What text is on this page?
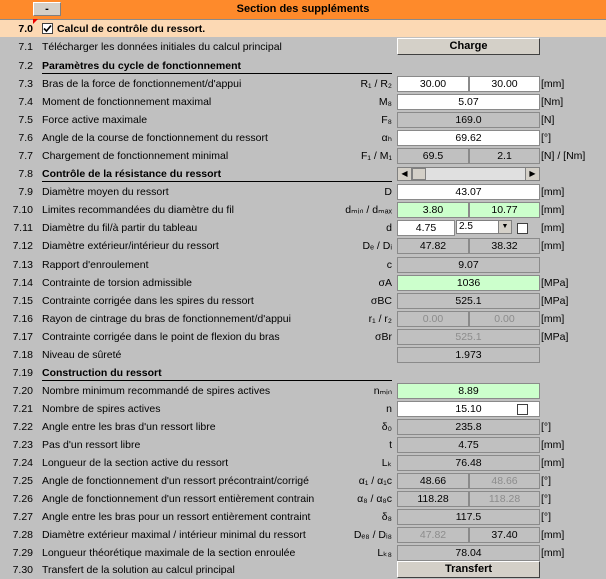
Section des suppléments
-
7.0 Calcul de contrôle du ressort.
7.1 Télécharger les données initiales du calcul principal	Charge
7.2 Paramètres du cycle de fonctionnement
7.3 Bras de la force de fonctionnement/d'appui	R₁ / R₂	30.00	30.00	[mm]
7.4 Moment de fonctionnement maximal	M₈	5.07	[Nm]
7.5 Force active maximale	F₈	169.0	[N]
7.6 Angle de la course de fonctionnement du ressort	αₕ	69.62	[°]
7.7 Chargement de fonctionnement minimal	F₁ / M₁	69.5	2.1	[N] / [Nm]
7.8 Contrôle de la résistance du ressort	◀	▶
7.9 Diamètre moyen du ressort	D	43.07	[mm]
7.10 Limites recommandées du diamètre du fil	dₘᵢₙ / dₘₐₓ	3.80	10.77	[mm]
7.11 Diamètre du fil/à partir du tableau	d	4.75	2.5	▼	[mm]
7.12 Diamètre extérieur/intérieur du ressort	Dₑ / Dᵢ	47.82	38.32	[mm]
7.13 Rapport d'enroulement	c	9.07
7.14 Contrainte de torsion admissible	σA	1036	[MPa]
7.15 Contrainte corrigée dans les spires du ressort	σBC	525.1	[MPa]
7.16 Rayon de cintrage du bras de fonctionnement/d'appui	r₁ / r₂	0.00	0.00	[mm]
7.17 Contrainte corrigée dans le point de flexion du bras	σBr	525.1	[MPa]
7.18 Niveau de sûreté	1.973
7.19 Construction du ressort
7.20 Nombre minimum recommandé de spires actives	nₘᵢₙ	8.89
7.21 Nombre de spires actives	n	15.10
7.22 Angle entre les bras d'un ressort libre	δ₀	235.8	[°]
7.23 Pas d'un ressort libre	t	4.75	[mm]
7.24 Longueur de la section active du ressort	Lₖ	76.48	[mm]
7.25 Angle de fonctionnement d'un ressort précontraint/corrigé	α₁ / α₁c	48.66	48.66	[°]
7.26 Angle de fonctionnement d'un ressort entièrement contrain	α₈ / α₈c	118.28	118.28	[°]
7.27 Angle entre les bras pour un ressort entièrement contraint	δ₈	117.5	[°]
7.28 Diamètre extérieur maximal / intérieur minimal du ressort	Dₑ₈ / Dᵢ₈	47.82	37.40	[mm]
7.29 Longueur théorétique maximale de la section enroulée	Lₖ₈	78.04	[mm]
7.30 Transfert de la solution au calcul principal	Transfert
